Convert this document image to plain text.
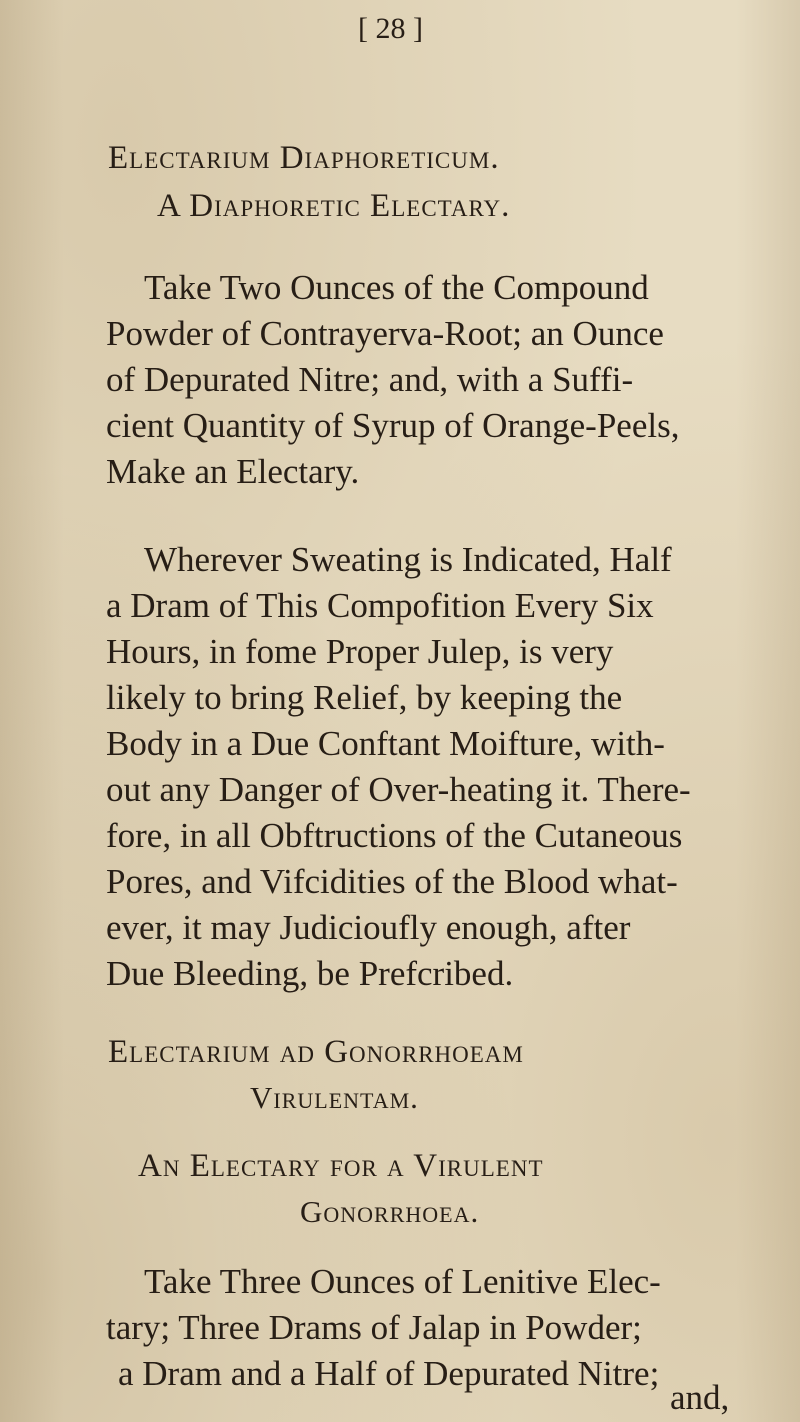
[ 28 ]
Electarium Diaphoreticum.
A Diaphoretic Electary.
Take Two Ounces of the Compound
Powder of Contrayerva-Root; an Ounce
of Depurated Nitre; and, with a Suffi-
cient Quantity of Syrup of Orange-Peels,
Make an Electary.
Wherever Sweating is Indicated, Half
a Dram of This Compofition Every Six
Hours, in fome Proper Julep, is very
likely to bring Relief, by keeping the
Body in a Due Conftant Moifture, with-
out any Danger of Over-heating it. There-
fore, in all Obftructions of the Cutaneous
Pores, and Vifcidities of the Blood what-
ever, it may Judicioufly enough, after
Due Bleeding, be Prefcribed.
Electarium ad Gonorrhoeam
Virulentam.
An Electary for a Virulent
Gonorrhoea.
Take Three Ounces of Lenitive Elec-
tary; Three Drams of Jalap in Powder;
a Dram and a Half of Depurated Nitre;
and,
